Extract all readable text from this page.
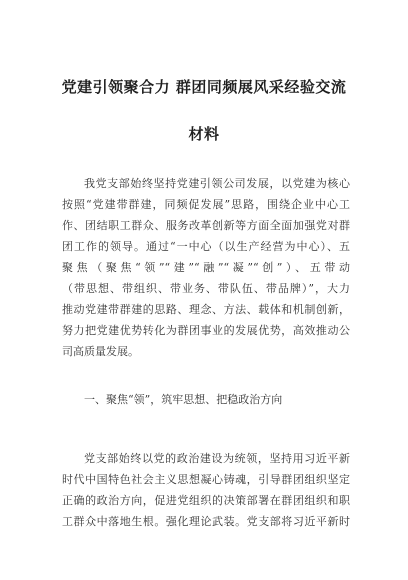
党建引领聚合力 群团同频展风采经验交流
材料
我党支部始终坚持党建引领公司发展，以党建为核心
按照“党建带群建，同频促发展”思路，围绕企业中心工
作、团结职工群众、服务改革创新等方面全面加强党对群
团工作的领导。通过“一中心（以生产经营为中心）、五
聚焦（聚焦“领”“建”“融”“凝”“创”）、五带动
（带思想、带组织、带业务、带队伍、带品牌）”，大力
推动党建带群建的思路、理念、方法、载体和机制创新，
努力把党建优势转化为群团事业的发展优势，高效推动公
司高质量发展。
一、聚焦“领”，筑牢思想、把稳政治方向
党支部始终以党的政治建设为统领，坚持用习近平新
时代中国特色社会主义思想凝心铸魂，引导群团组织坚定
正确的政治方向，促进党组织的决策部署在群团组织和职
工群众中落地生根。强化理论武装。党支部将习近平新时
